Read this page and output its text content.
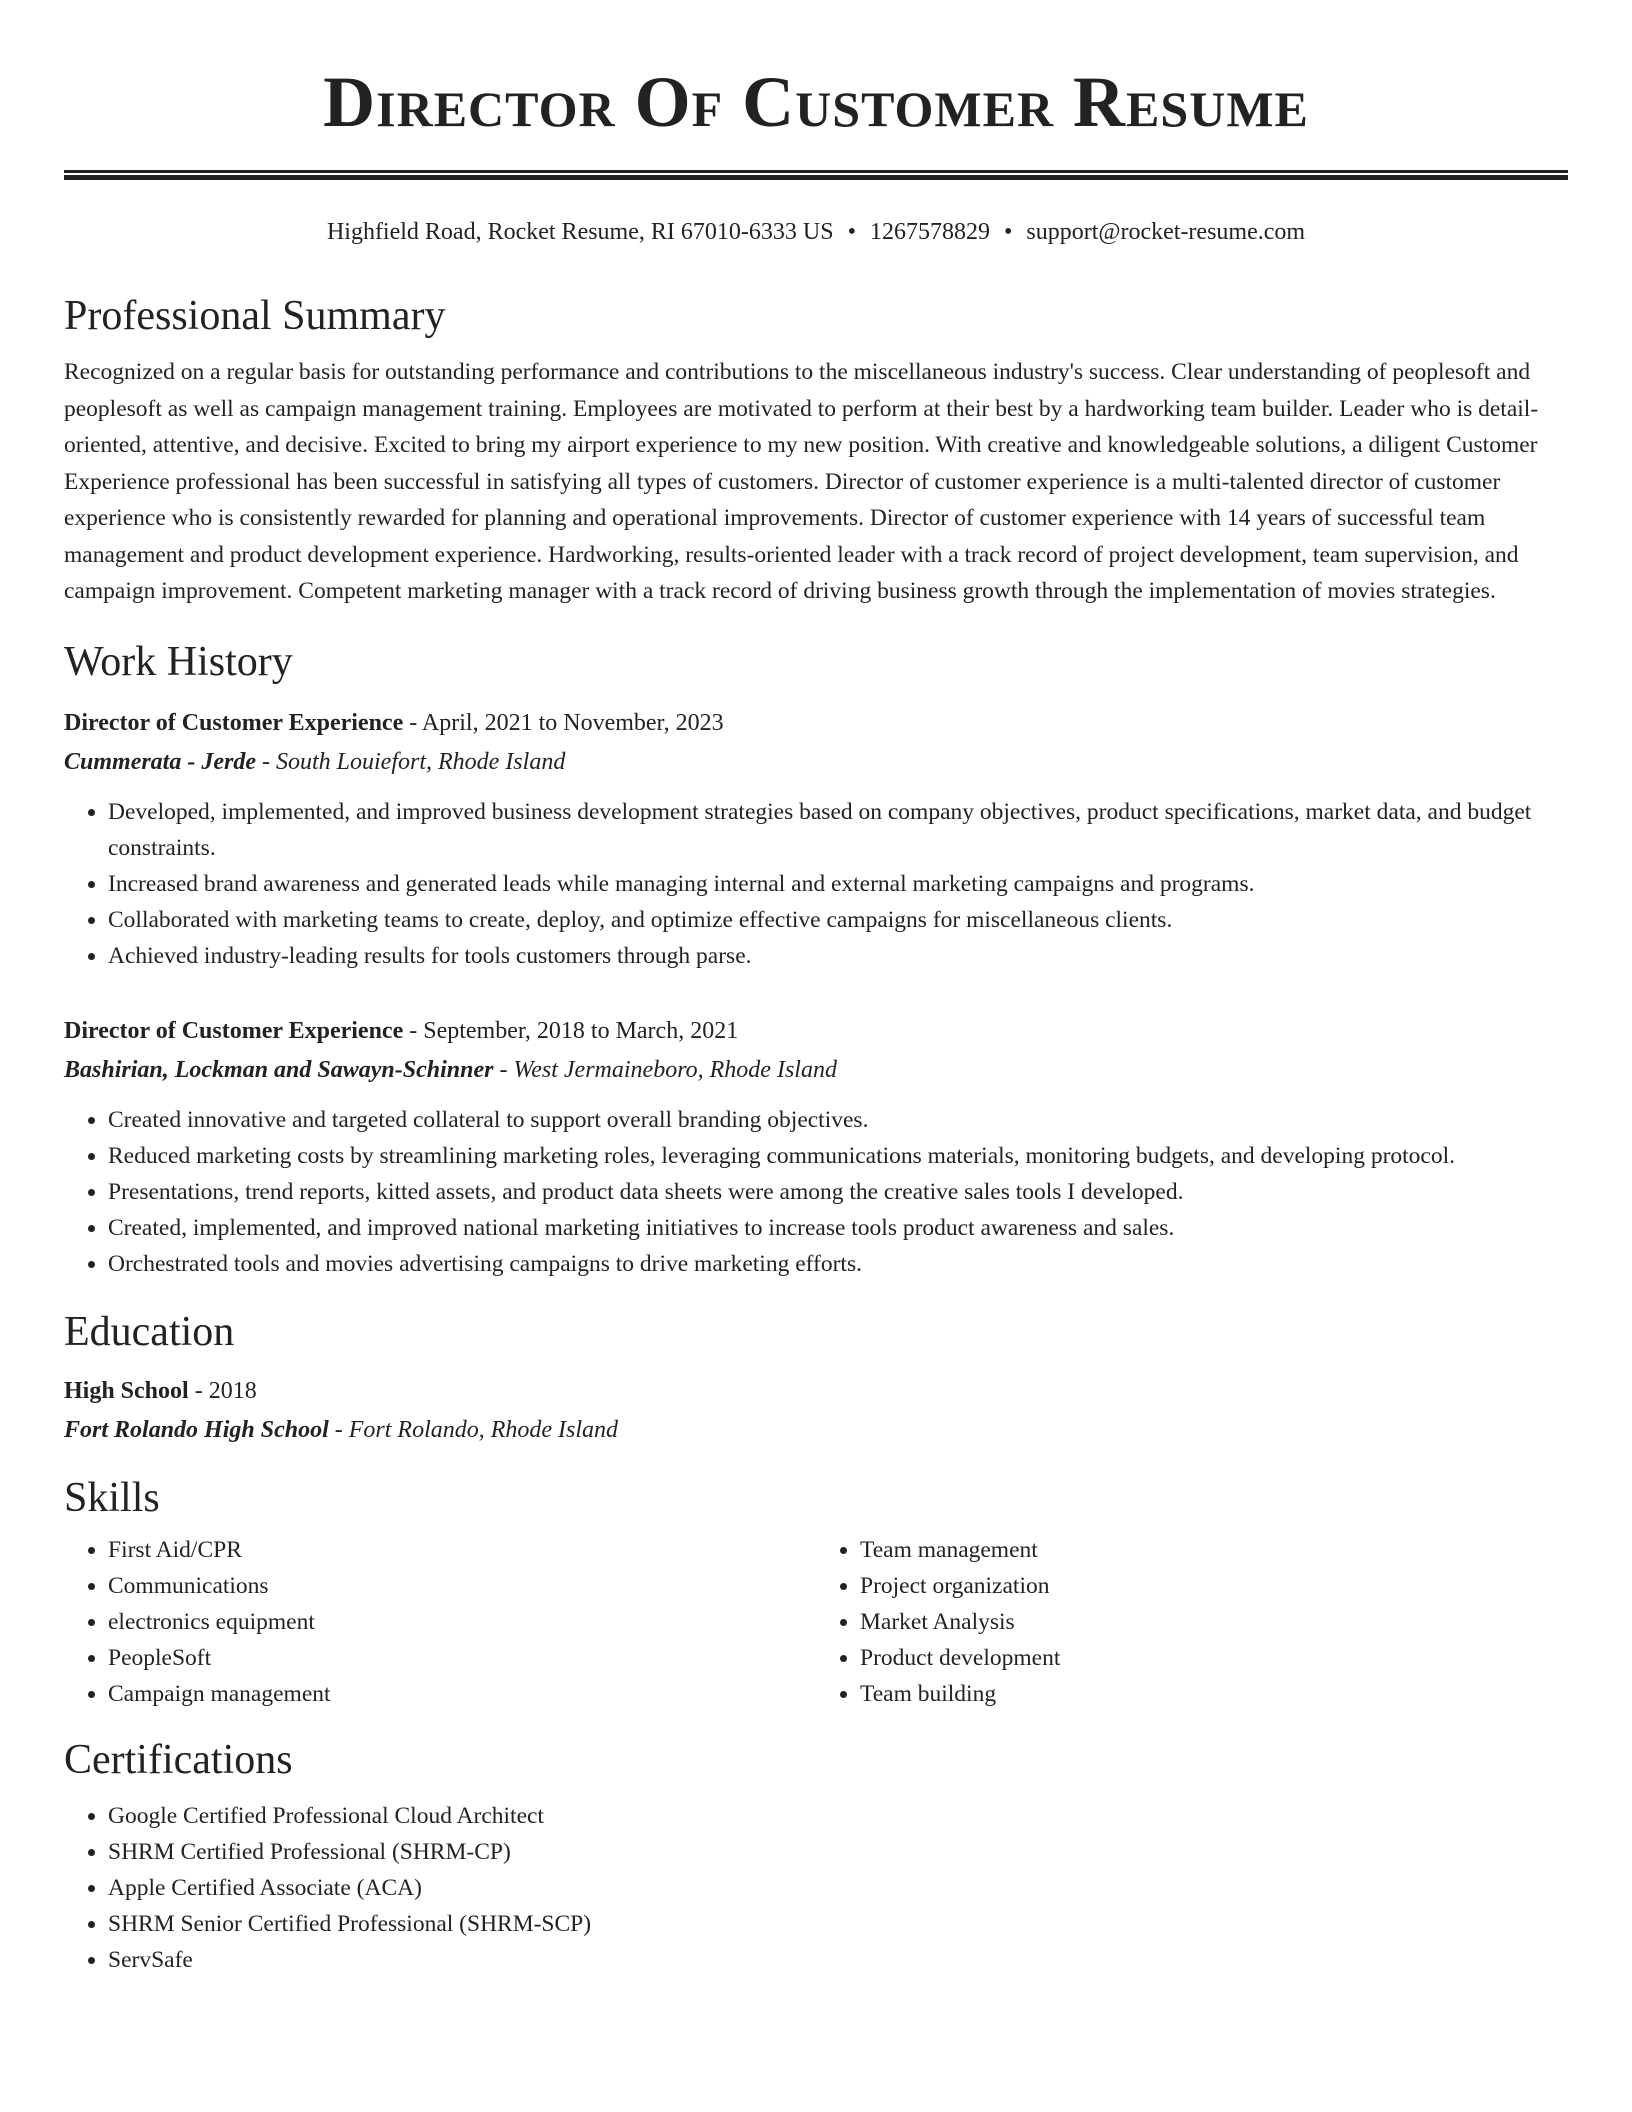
Director Of Customer Resume
Highfield Road, Rocket Resume, RI 67010-6333 US • 1267578829 • support@rocket-resume.com
Professional Summary

Recognized on a regular basis for outstanding performance and contributions to the miscellaneous industry's success. Clear understanding of peoplesoft and peoplesoft as well as campaign management training. Employees are motivated to perform at their best by a hardworking team builder. Leader who is detail-oriented, attentive, and decisive. Excited to bring my airport experience to my new position. With creative and knowledgeable solutions, a diligent Customer Experience professional has been successful in satisfying all types of customers. Director of customer experience is a multi-talented director of customer experience who is consistently rewarded for planning and operational improvements. Director of customer experience with 14 years of successful team management and product development experience. Hardworking, results-oriented leader with a track record of project development, team supervision, and campaign improvement. Competent marketing manager with a track record of driving business growth through the implementation of movies strategies.

Work History
Director of Customer Experience - April, 2021 to November, 2023
Cummerata - Jerde - South Louiefort, Rhode Island
• Developed, implemented, and improved business development strategies based on company objectives, product specifications, market data, and budget constraints.
• Increased brand awareness and generated leads while managing internal and external marketing campaigns and programs.
• Collaborated with marketing teams to create, deploy, and optimize effective campaigns for miscellaneous clients.
• Achieved industry-leading results for tools customers through parse.
Director of Customer Experience - September, 2018 to March, 2021
Bashirian, Lockman and Sawayn-Schinner - West Jermaineboro, Rhode Island
• Created innovative and targeted collateral to support overall branding objectives.
• Reduced marketing costs by streamlining marketing roles, leveraging communications materials, monitoring budgets, and developing protocol.
• Presentations, trend reports, kitted assets, and product data sheets were among the creative sales tools I developed.
• Created, implemented, and improved national marketing initiatives to increase tools product awareness and sales.
• Orchestrated tools and movies advertising campaigns to drive marketing efforts.
Education
High School - 2018
Fort Rolando High School - Fort Rolando, Rhode Island
Skills
• First Aid/CPR
• Communications
• electronics equipment
• PeopleSoft
• Campaign management
• Team management
• Project organization
• Market Analysis
• Product development
• Team building
Certifications
• Google Certified Professional Cloud Architect
• SHRM Certified Professional (SHRM-CP)
• Apple Certified Associate (ACA)
• SHRM Senior Certified Professional (SHRM-SCP)
• ServSafe
